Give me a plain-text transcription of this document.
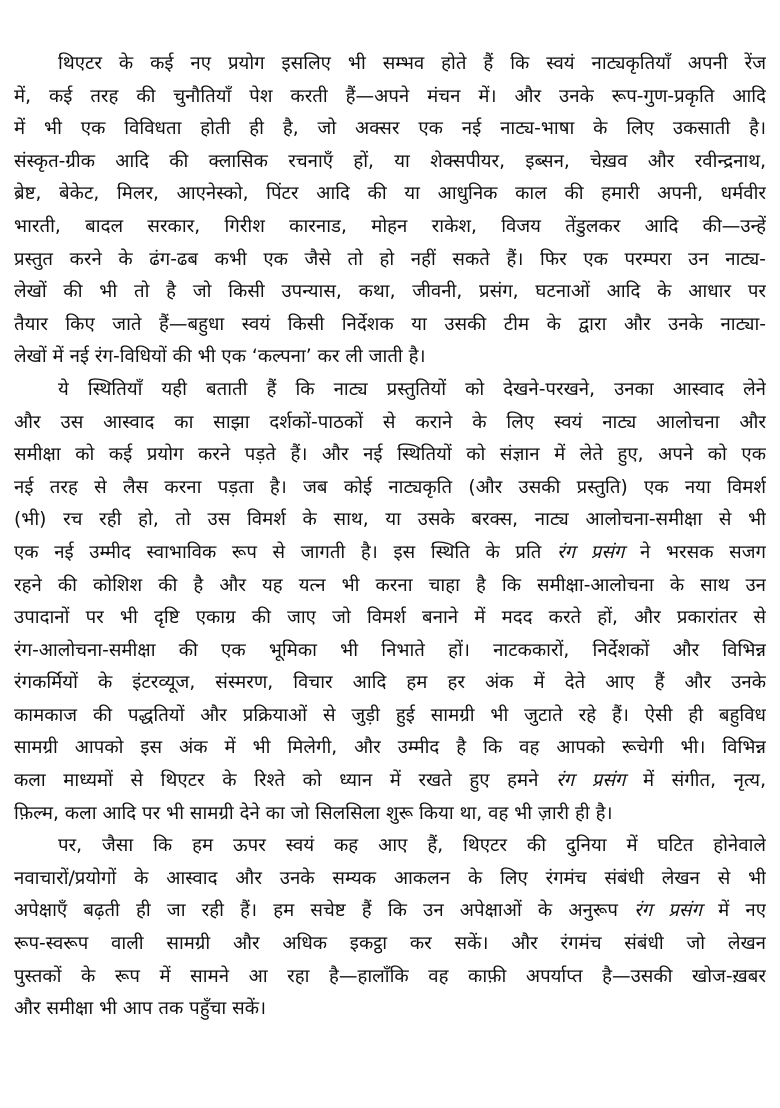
थिएटर के कई नए प्रयोग इसलिए भी सम्भव होते हैं कि स्वयं नाट्यकृतियाँ अपनी रेंज
में, कई तरह की चुनौतियाँ पेश करती हैं—अपने मंचन में। और उनके रूप-गुण-प्रकृति आदि
में भी एक विविधता होती ही है, जो अक्सर एक नई नाट्य-भाषा के लिए उकसाती है।
संस्कृत-ग्रीक आदि की क्लासिक रचनाएँ हों, या शेक्सपीयर, इब्सन, चेख़व और रवीन्द्रनाथ,
ब्रेष्ट, बेकेट, मिलर, आएनेस्को, पिंटर आदि की या आधुनिक काल की हमारी अपनी, धर्मवीर
भारती, बादल सरकार, गिरीश कारनाड, मोहन राकेश, विजय तेंडुलकर आदि की—उन्हें
प्रस्तुत करने के ढंग-ढब कभी एक जैसे तो हो नहीं सकते हैं। फिर एक परम्परा उन नाट्य-
लेखों की भी तो है जो किसी उपन्यास, कथा, जीवनी, प्रसंग, घटनाओं आदि के आधार पर
तैयार किए जाते हैं—बहुधा स्वयं किसी निर्देशक या उसकी टीम के द्वारा और उनके नाट्या-
लेखों में नई रंग-विधियों की भी एक ‘कल्पना’ कर ली जाती है।
ये स्थितियाँ यही बताती हैं कि नाट्य प्रस्तुतियों को देखने-परखने, उनका आस्वाद लेने
और उस आस्वाद का साझा दर्शकों-पाठकों से कराने के लिए स्वयं नाट्य आलोचना और
समीक्षा को कई प्रयोग करने पड़ते हैं। और नई स्थितियों को संज्ञान में लेते हुए, अपने को एक
नई तरह से लैस करना पड़ता है। जब कोई नाट्यकृति (और उसकी प्रस्तुति) एक नया विमर्श
(भी) रच रही हो, तो उस विमर्श के साथ, या उसके बरक्स, नाट्य आलोचना-समीक्षा से भी
एक नई उम्मीद स्वाभाविक रूप से जागती है। इस स्थिति के प्रति रंग प्रसंग ने भरसक सजग
रहने की कोशिश की है और यह यत्न भी करना चाहा है कि समीक्षा-आलोचना के साथ उन
उपादानों पर भी दृष्टि एकाग्र की जाए जो विमर्श बनाने में मदद करते हों, और प्रकारांतर से
रंग-आलोचना-समीक्षा की एक भूमिका भी निभाते हों। नाटककारों, निर्देशकों और विभिन्न
रंगकर्मियों के इंटरव्यूज, संस्मरण, विचार आदि हम हर अंक में देते आए हैं और उनके
कामकाज की पद्धतियों और प्रक्रियाओं से जुड़ी हुई सामग्री भी जुटाते रहे हैं। ऐसी ही बहुविध
सामग्री आपको इस अंक में भी मिलेगी, और उम्मीद है कि वह आपको रूचेगी भी। विभिन्न
कला माध्यमों से थिएटर के रिश्ते को ध्यान में रखते हुए हमने रंग प्रसंग में संगीत, नृत्य,
फ़िल्म, कला आदि पर भी सामग्री देने का जो सिलसिला शुरू किया था, वह भी ज़ारी ही है।
पर, जैसा कि हम ऊपर स्वयं कह आए हैं, थिएटर की दुनिया में घटित होनेवाले
नवाचारों/प्रयोगों के आस्वाद और उनके सम्यक आकलन के लिए रंगमंच संबंधी लेखन से भी
अपेक्षाएँ बढ़ती ही जा रही हैं। हम सचेष्ट हैं कि उन अपेक्षाओं के अनुरूप रंग प्रसंग में नए
रूप-स्वरूप वाली सामग्री और अधिक इकट्ठा कर सकें। और रंगमंच संबंधी जो लेखन
पुस्तकों के रूप में सामने आ रहा है—हालाँकि वह काफ़ी अपर्याप्त है—उसकी खोज-ख़बर
और समीक्षा भी आप तक पहुँचा सकें।
